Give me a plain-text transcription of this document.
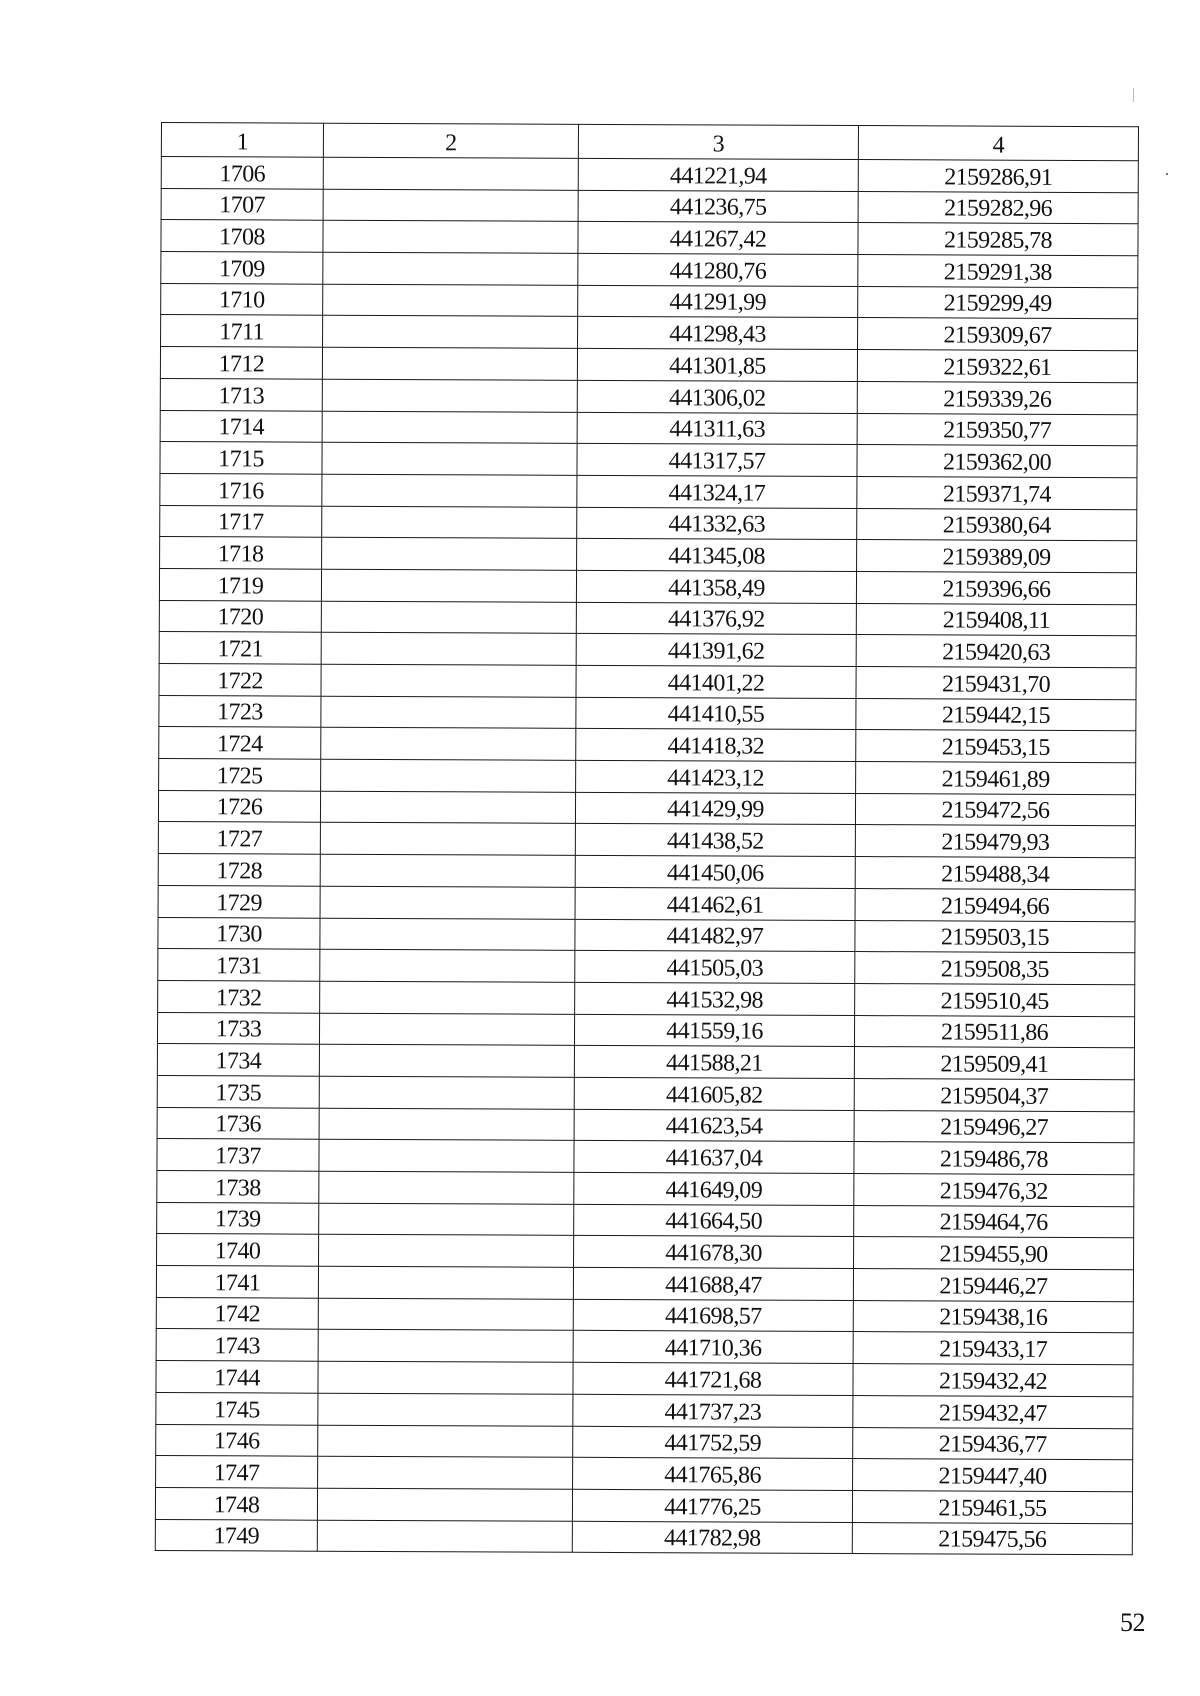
1	2	3	4
1706		441221,94	2159286,91
1707		441236,75	2159282,96
1708		441267,42	2159285,78
1709		441280,76	2159291,38
1710		441291,99	2159299,49
1711		441298,43	2159309,67
1712		441301,85	2159322,61
1713		441306,02	2159339,26
1714		441311,63	2159350,77
1715		441317,57	2159362,00
1716		441324,17	2159371,74
1717		441332,63	2159380,64
1718		441345,08	2159389,09
1719		441358,49	2159396,66
1720		441376,92	2159408,11
1721		441391,62	2159420,63
1722		441401,22	2159431,70
1723		441410,55	2159442,15
1724		441418,32	2159453,15
1725		441423,12	2159461,89
1726		441429,99	2159472,56
1727		441438,52	2159479,93
1728		441450,06	2159488,34
1729		441462,61	2159494,66
1730		441482,97	2159503,15
1731		441505,03	2159508,35
1732		441532,98	2159510,45
1733		441559,16	2159511,86
1734		441588,21	2159509,41
1735		441605,82	2159504,37
1736		441623,54	2159496,27
1737		441637,04	2159486,78
1738		441649,09	2159476,32
1739		441664,50	2159464,76
1740		441678,30	2159455,90
1741		441688,47	2159446,27
1742		441698,57	2159438,16
1743		441710,36	2159433,17
1744		441721,68	2159432,42
1745		441737,23	2159432,47
1746		441752,59	2159436,77
1747		441765,86	2159447,40
1748		441776,25	2159461,55
1749		441782,98	2159475,56
52
